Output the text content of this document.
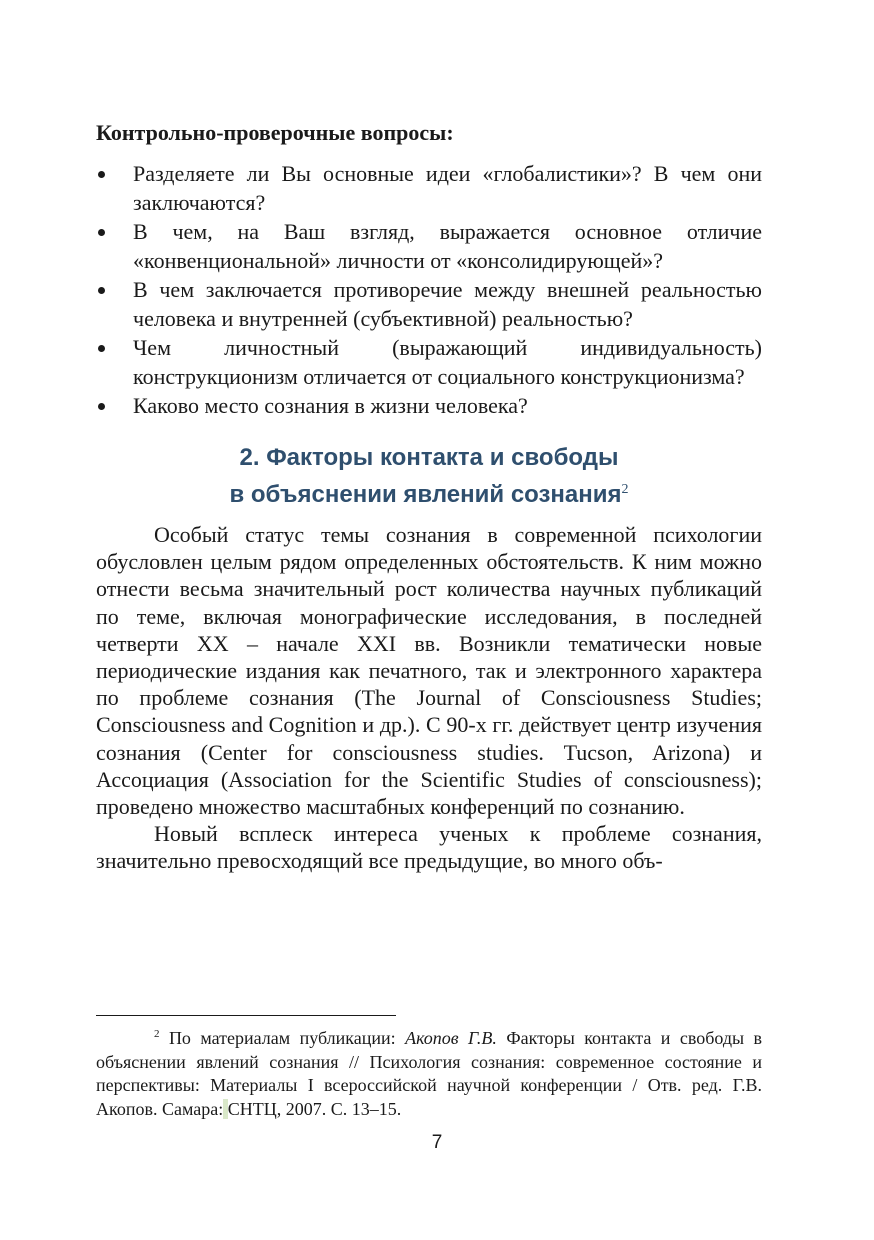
Контрольно-проверочные вопросы:
Разделяете ли Вы основные идеи «глобалистики»? В чем они заключаются?
В чем, на Ваш взгляд, выражается основное отличие «конвенциональной» личности от «консолидирующей»?
В чем заключается противоречие между внешней реальностью человека и внутренней (субъективной) реальностью?
Чем личностный (выражающий индивидуальность) конструкционизм отличается от социального конструкционизма?
Каково место сознания в жизни человека?
2. Факторы контакта и свободы
в объяснении явлений сознания$^2$

Особый статус темы сознания в современной психологии обусловлен целым рядом определенных обстоятельств. К ним можно отнести весьма значительный рост количества научных публикаций по теме, включая монографические исследования, в последней четверти XX – начале XXI вв. Возникли тематически новые периодические издания как печатного, так и электронного характера по проблеме сознания (The Journal of Consciousness Studies; Consciousness and Cognition и др.). С 90-х гг. действует центр изучения сознания (Center for consciousness studies. Tucson, Arizona) и Ассоциация (Association for the Scientific Studies of consciousness); проведено множество масштабных конференций по сознанию.

Новый всплеск интереса ученых к проблеме сознания, значительно превосходящий все предыдущие, во много объ-

$^2$ По материалам публикации: Акопов Г.В. Факторы контакта и свободы в объяснении явлений сознания // Психология сознания: современное состояние и перспективы: Материалы I всероссийской научной конференции / Отв. ред. Г.В. Акопов. Самара: СНТЦ, 2007. С. 13–15.
7
